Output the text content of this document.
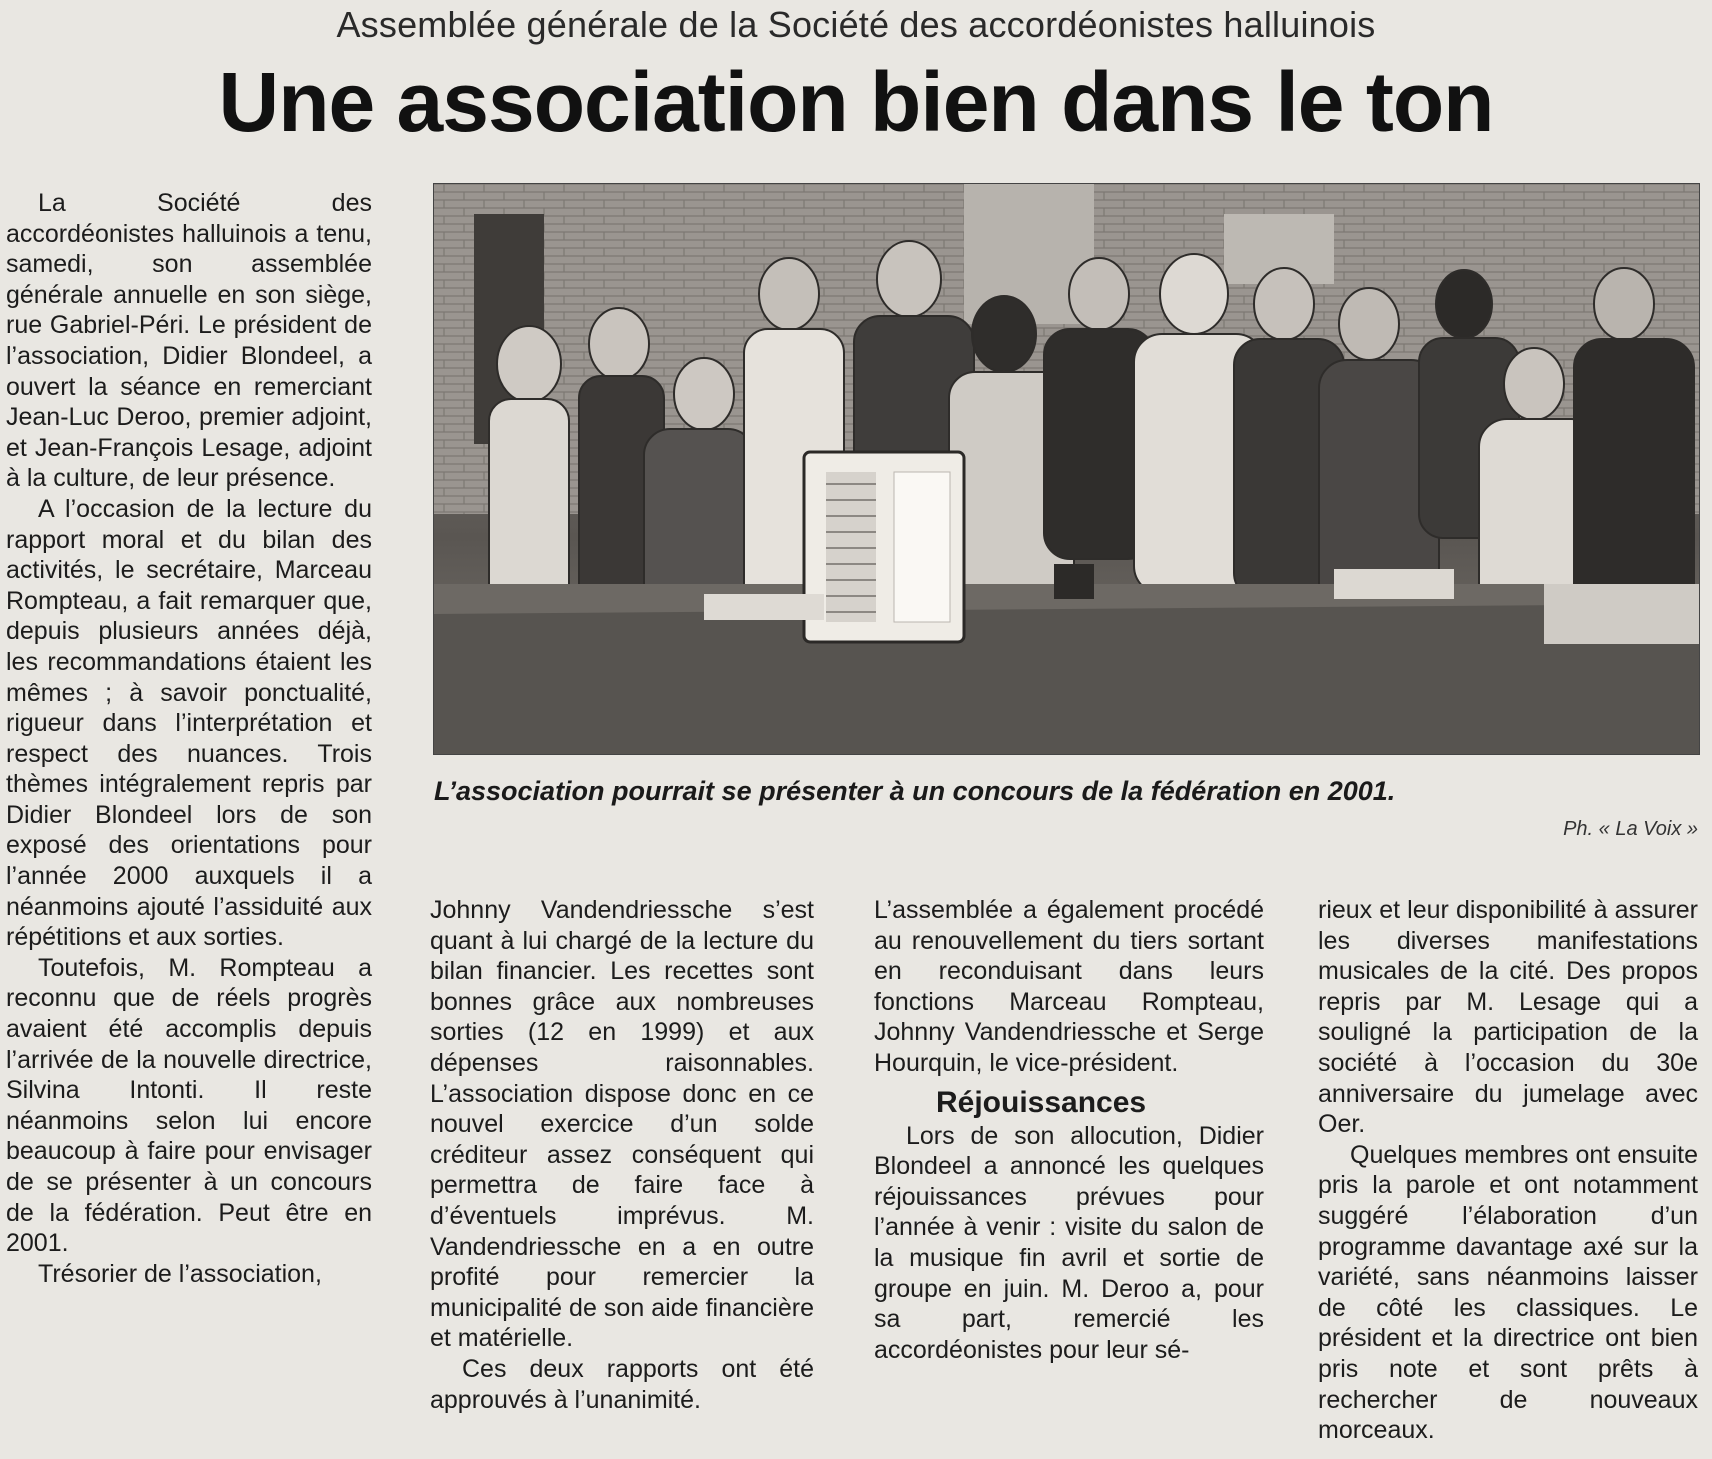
Assemblée générale de la Société des accordéonistes halluinois
Une association bien dans le ton

La Société des accordéonistes halluinois a tenu, samedi, son assemblée générale annuelle en son siège, rue Gabriel-Péri. Le président de l’association, Didier Blondeel, a ouvert la séance en remerciant Jean-Luc Deroo, premier adjoint, et Jean-François Lesage, adjoint à la culture, de leur présence.

A l’occasion de la lecture du rapport moral et du bilan des activités, le secrétaire, Marceau Rompteau, a fait remarquer que, depuis plusieurs années déjà, les recommandations étaient les mêmes ; à savoir ponctualité, rigueur dans l’interprétation et respect des nuances. Trois thèmes intégralement repris par Didier Blondeel lors de son exposé des orientations pour l’année 2000 auxquels il a néanmoins ajouté l’assiduité aux répétitions et aux sorties.

Toutefois, M. Rompteau a reconnu que de réels progrès avaient été accomplis depuis l’arrivée de la nouvelle directrice, Silvina Intonti. Il reste néanmoins selon lui encore beaucoup à faire pour envisager de se présenter à un concours de la fédération. Peut être en 2001.

Trésorier de l’association,

L’association pourrait se présenter à un concours de la fédération en 2001.
Ph. « La Voix »

Johnny Vandendriessche s’est quant à lui chargé de la lecture du bilan financier. Les recettes sont bonnes grâce aux nombreuses sorties (12 en 1999) et aux dépenses raisonnables. L’association dispose donc en ce nouvel exercice d’un solde créditeur assez conséquent qui permettra de faire face à d’éventuels imprévus. M. Vandendriessche en a en outre profité pour remercier la municipalité de son aide financière et matérielle.

Ces deux rapports ont été approuvés à l’unanimité.

L’assemblée a également procédé au renouvellement du tiers sortant en reconduisant dans leurs fonctions Marceau Rompteau, Johnny Vandendriessche et Serge Hourquin, le vice-président.

Réjouissances

Lors de son allocution, Didier Blondeel a annoncé les quelques réjouissances prévues pour l’année à venir : visite du salon de la musique fin avril et sortie de groupe en juin. M. Deroo a, pour sa part, remercié les accordéonistes pour leur sé-

rieux et leur disponibilité à assurer les diverses manifestations musicales de la cité. Des propos repris par M. Lesage qui a souligné la participation de la société à l’occasion du 30e anniversaire du jumelage avec Oer.

Quelques membres ont ensuite pris la parole et ont notamment suggéré l’élaboration d’un programme davantage axé sur la variété, sans néanmoins laisser de côté les classiques. Le président et la directrice ont bien pris note et sont prêts à rechercher de nouveaux morceaux.
